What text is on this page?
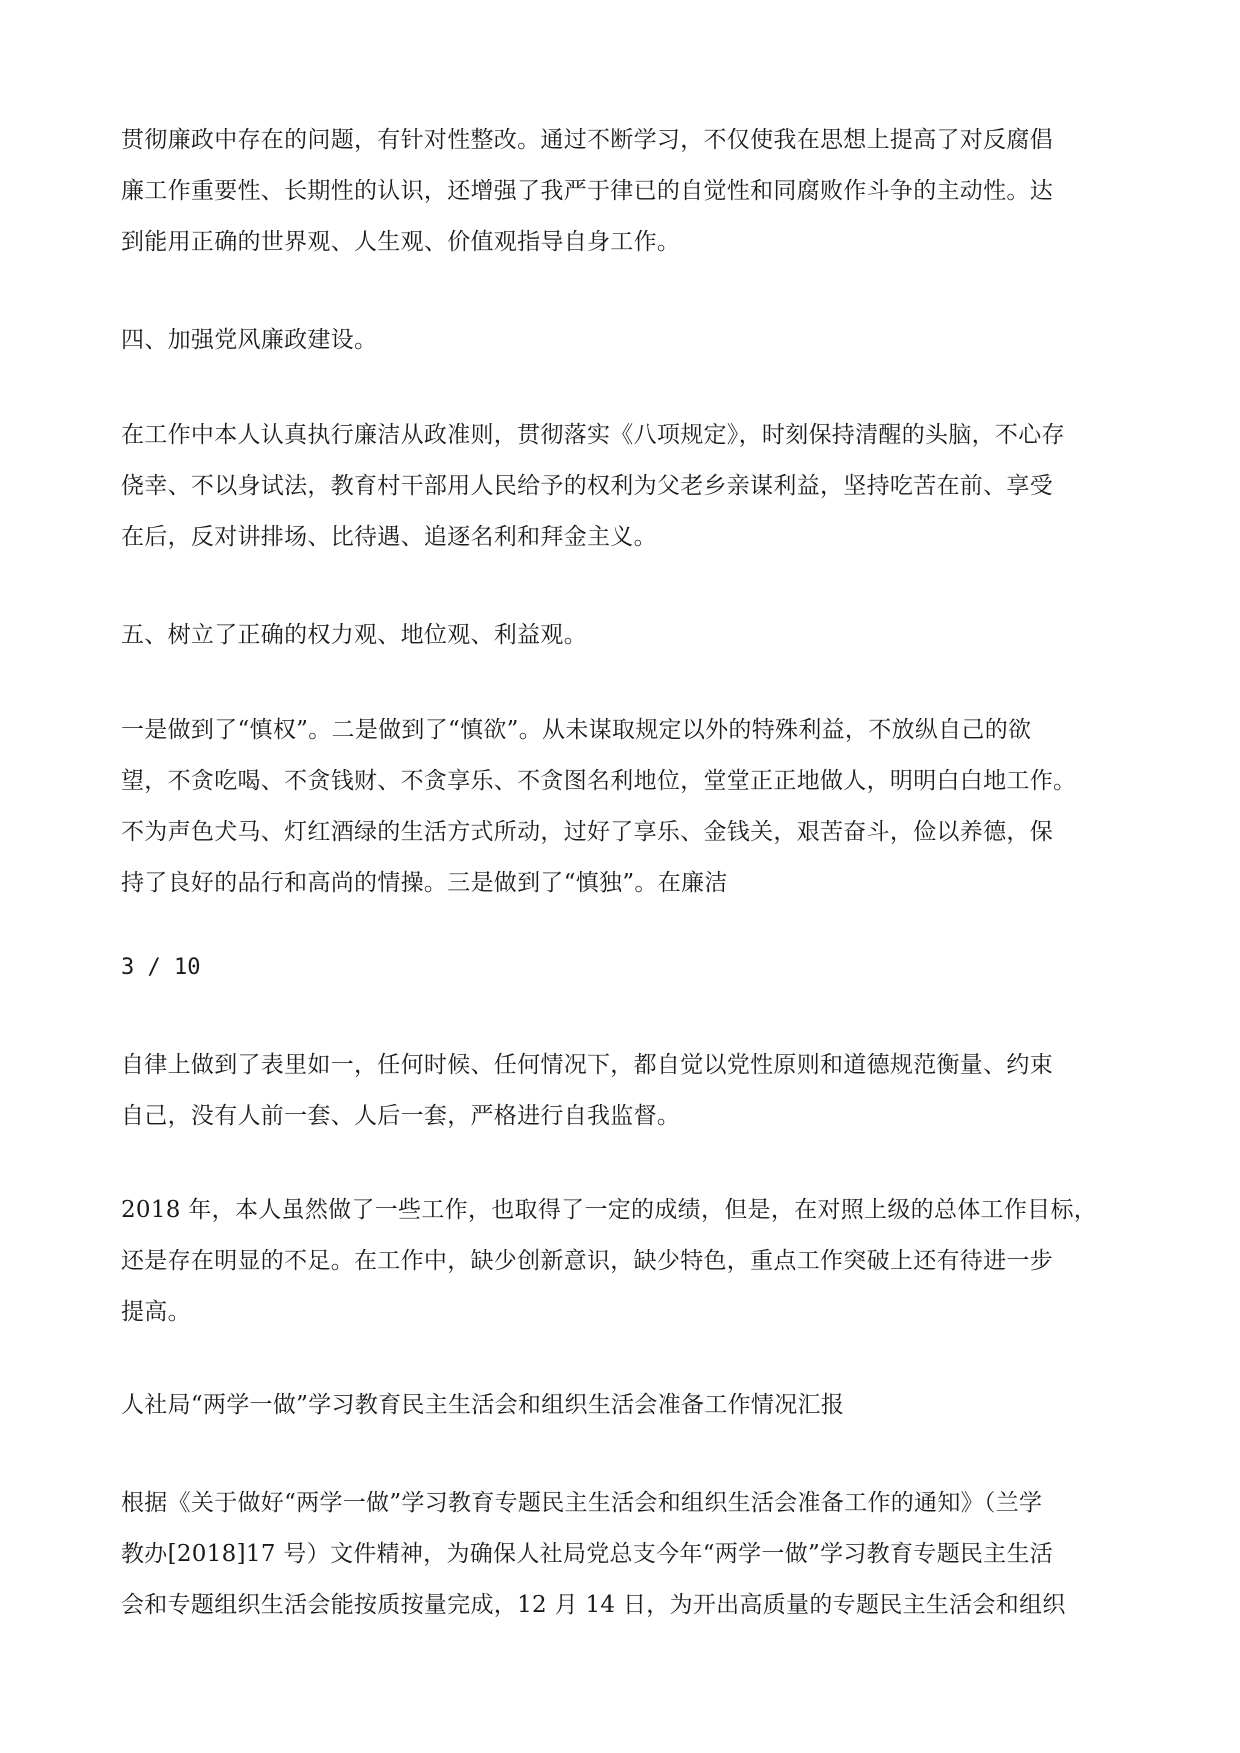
贯彻廉政中存在的问题，有针对性整改。通过不断学习，不仅使我在思想上提高了对反腐倡
廉工作重要性、长期性的认识，还增强了我严于律已的自觉性和同腐败作斗争的主动性。达
到能用正确的世界观、人生观、价值观指导自身工作。

四、加强党风廉政建设。

在工作中本人认真执行廉洁从政准则，贯彻落实《八项规定》，时刻保持清醒的头脑，不心存
侥幸、不以身试法，教育村干部用人民给予的权利为父老乡亲谋利益，坚持吃苦在前、享受
在后，反对讲排场、比待遇、追逐名利和拜金主义。

五、树立了正确的权力观、地位观、利益观。

一是做到了“慎权”。二是做到了“慎欲”。从未谋取规定以外的特殊利益，不放纵自己的欲
望，不贪吃喝、不贪钱财、不贪享乐、不贪图名利地位，堂堂正正地做人，明明白白地工作。
不为声色犬马、灯红酒绿的生活方式所动，过好了享乐、金钱关，艰苦奋斗，俭以养德，保
持了良好的品行和高尚的情操。三是做到了“慎独”。在廉洁

3 / 10

自律上做到了表里如一，任何时候、任何情况下，都自觉以党性原则和道德规范衡量、约束
自己，没有人前一套、人后一套，严格进行自我监督。

2018 年，本人虽然做了一些工作，也取得了一定的成绩，但是，在对照上级的总体工作目标，
还是存在明显的不足。在工作中，缺少创新意识，缺少特色，重点工作突破上还有待进一步
提高。

人社局“两学一做”学习教育民主生活会和组织生活会准备工作情况汇报

根据《关于做好“两学一做”学习教育专题民主生活会和组织生活会准备工作的通知》（兰学
教办[2018]17 号）文件精神，为确保人社局党总支今年“两学一做”学习教育专题民主生活
会和专题组织生活会能按质按量完成，12 月 14 日，为开出高质量的专题民主生活会和组织
